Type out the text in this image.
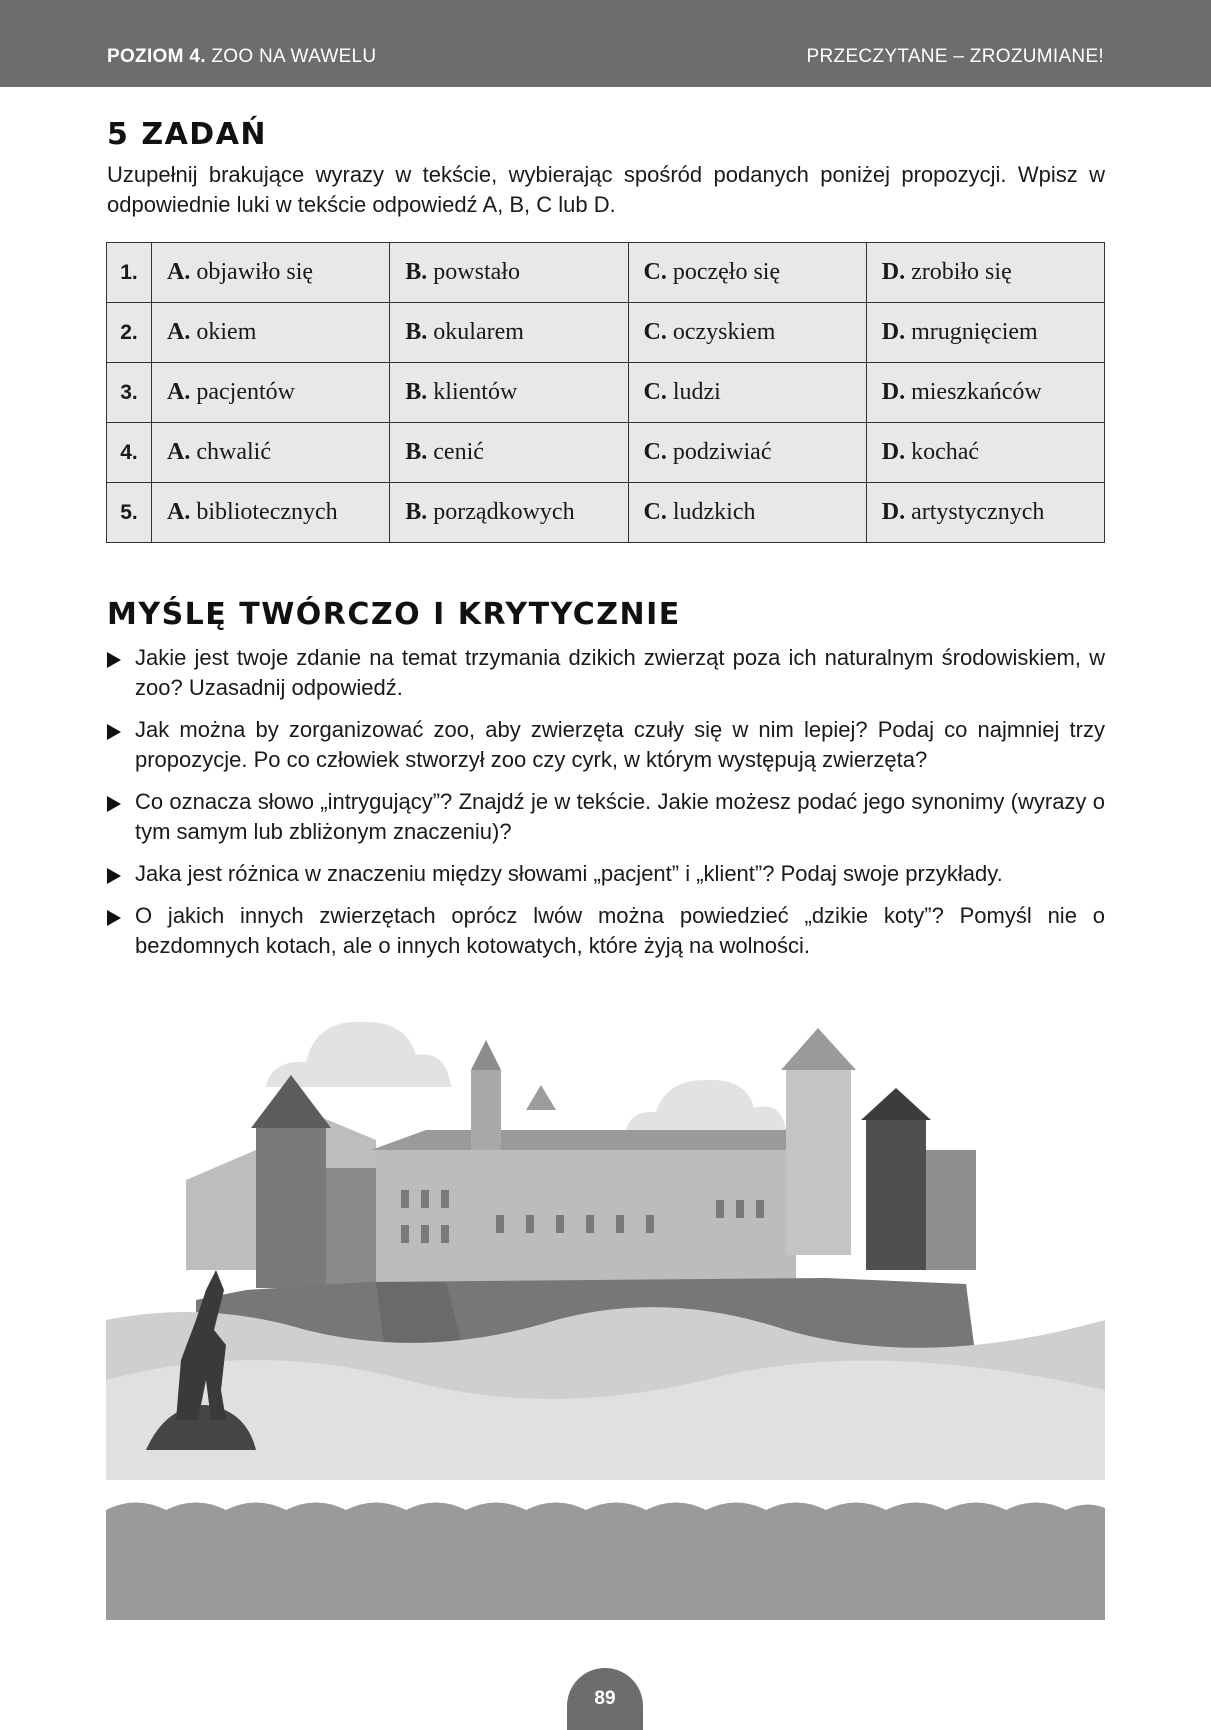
POZIOM 4. ZOO NA WAWELU	PRZECZYTANE – ZROZUMIANE!
5 ZADAŃ
Uzupełnij brakujące wyrazy w tekście, wybierając spośród podanych poniżej propozycji. Wpisz w odpowiednie luki w tekście odpowiedź A, B, C lub D.
1.	A. objawiło się	B. powstało	C. poczęło się	D. zrobiło się
2.	A. okiem	B. okularem	C. oczyskiem	D. mrugnięciem
3.	A. pacjentów	B. klientów	C. ludzi	D. mieszkańców
4.	A. chwalić	B. cenić	C. podziwiać	D. kochać
5.	A. bibliotecznych	B. porządkowych	C. ludzkich	D. artystycznych
MYŚLĘ TWÓRCZO I KRYTYCZNIE
Jakie jest twoje zdanie na temat trzymania dzikich zwierząt poza ich naturalnym środowiskiem, w zoo? Uzasadnij odpowiedź.
Jak można by zorganizować zoo, aby zwierzęta czuły się w nim lepiej? Podaj co najmniej trzy propozycje. Po co człowiek stworzył zoo czy cyrk, w którym występują zwierzęta?
Co oznacza słowo „intrygujący”? Znajdź je w tekście. Jakie możesz podać jego synonimy (wyrazy o tym samym lub zbliżonym znaczeniu)?
Jaka jest różnica w znaczeniu między słowami „pacjent” i „klient”? Podaj swoje przykłady.
O jakich innych zwierzętach oprócz lwów można powiedzieć „dzikie koty”? Pomyśl nie o bezdomnych kotach, ale o innych kotowatych, które żyją na wolności.
89
